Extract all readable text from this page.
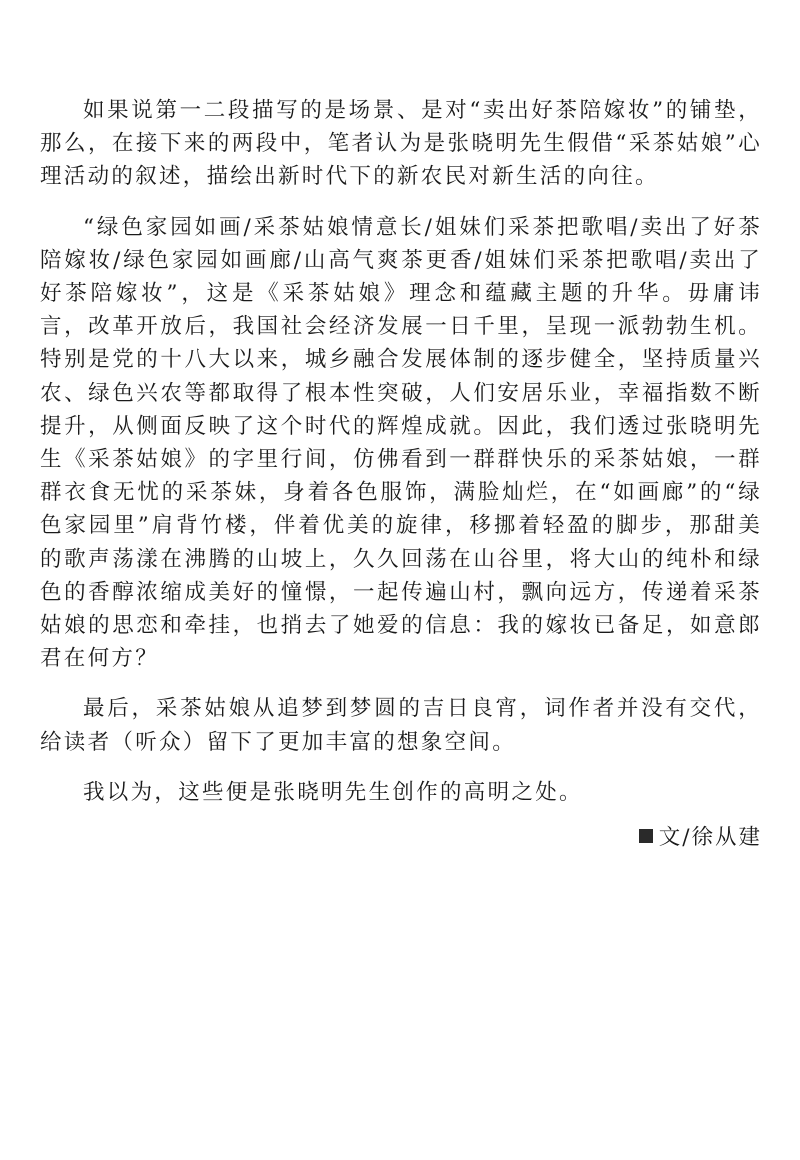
如果说第一二段描写的是场景、是对“卖出好茶陪嫁妆”的铺垫，那么，在接下来的两段中，笔者认为是张晓明先生假借“采茶姑娘”心理活动的叙述，描绘出新时代下的新农民对新生活的向往。

“绿色家园如画/采茶姑娘情意长/姐妹们采茶把歌唱/卖出了好茶陪嫁妆/绿色家园如画廊/山高气爽茶更香/姐妹们采茶把歌唱/卖出了好茶陪嫁妆”，这是《采茶姑娘》理念和蕴藏主题的升华。毋庸讳言，改革开放后，我国社会经济发展一日千里，呈现一派勃勃生机。特别是党的十八大以来，城乡融合发展体制的逐步健全，坚持质量兴农、绿色兴农等都取得了根本性突破，人们安居乐业，幸福指数不断提升，从侧面反映了这个时代的辉煌成就。因此，我们透过张晓明先生《采茶姑娘》的字里行间，仿佛看到一群群快乐的采茶姑娘，一群群衣食无忧的采茶妹，身着各色服饰，满脸灿烂，在“如画廊”的“绿色家园里”肩背竹楼，伴着优美的旋律，移挪着轻盈的脚步，那甜美的歌声荡漾在沸腾的山坡上，久久回荡在山谷里，将大山的纯朴和绿色的香醇浓缩成美好的憧憬，一起传遍山村，飘向远方，传递着采茶姑娘的思恋和牵挂，也捎去了她爱的信息：我的嫁妆已备足，如意郎君在何方？

最后，采茶姑娘从追梦到梦圆的吉日良宵，词作者并没有交代，给读者（听众）留下了更加丰富的想象空间。

我以为，这些便是张晓明先生创作的高明之处。

文/徐从建
